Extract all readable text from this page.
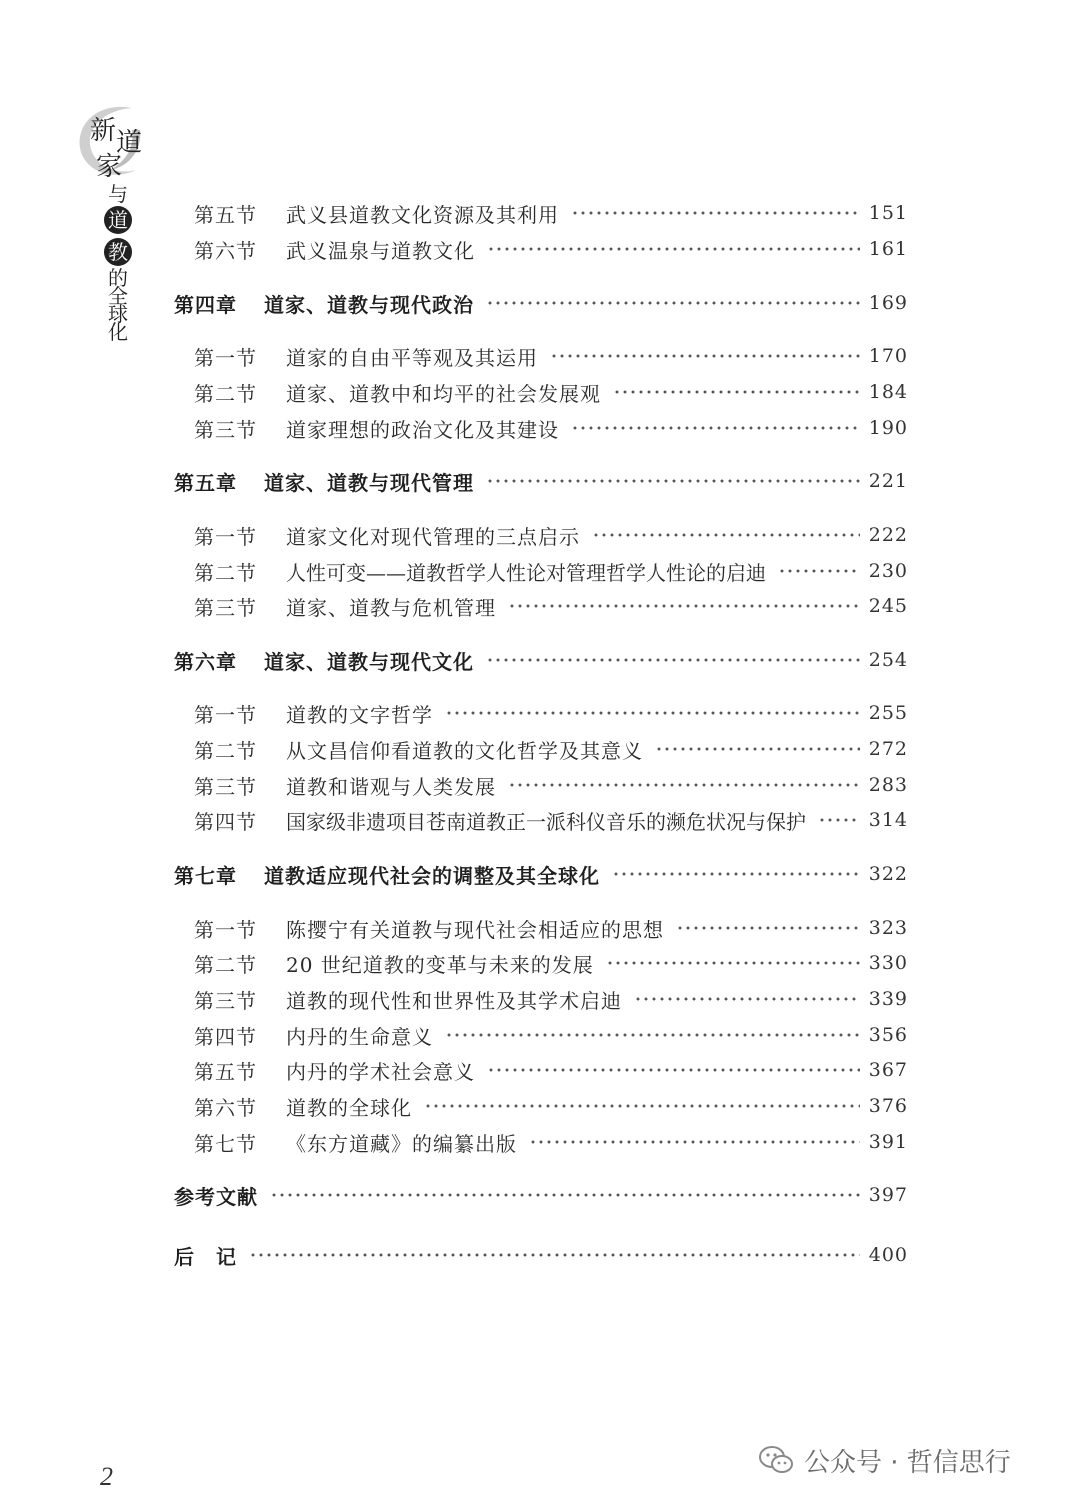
新 道
家
与
道
教
的
全
球
化
第五节	武义县道教文化资源及其利用	151
第六节	武义温泉与道教文化	161
第四章	道家、道教与现代政治	169
第一节	道家的自由平等观及其运用	170
第二节	道家、道教中和均平的社会发展观	184
第三节	道家理想的政治文化及其建设	190
第五章	道家、道教与现代管理	221
第一节	道家文化对现代管理的三点启示	222
第二节	人性可变——道教哲学人性论对管理哲学人性论的启迪	230
第三节	道家、道教与危机管理	245
第六章	道家、道教与现代文化	254
第一节	道教的文字哲学	255
第二节	从文昌信仰看道教的文化哲学及其意义	272
第三节	道教和谐观与人类发展	283
第四节	国家级非遗项目苍南道教正一派科仪音乐的濒危状况与保护	314
第七章	道教适应现代社会的调整及其全球化	322
第一节	陈撄宁有关道教与现代社会相适应的思想	323
第二节	20 世纪道教的变革与未来的发展	330
第三节	道教的现代性和世界性及其学术启迪	339
第四节	内丹的生命意义	356
第五节	内丹的学术社会意义	367
第六节	道教的全球化	376
第七节	《东方道藏》的编纂出版	391
参考文献	397
后　记	400
2	公众号 · 哲信思行
